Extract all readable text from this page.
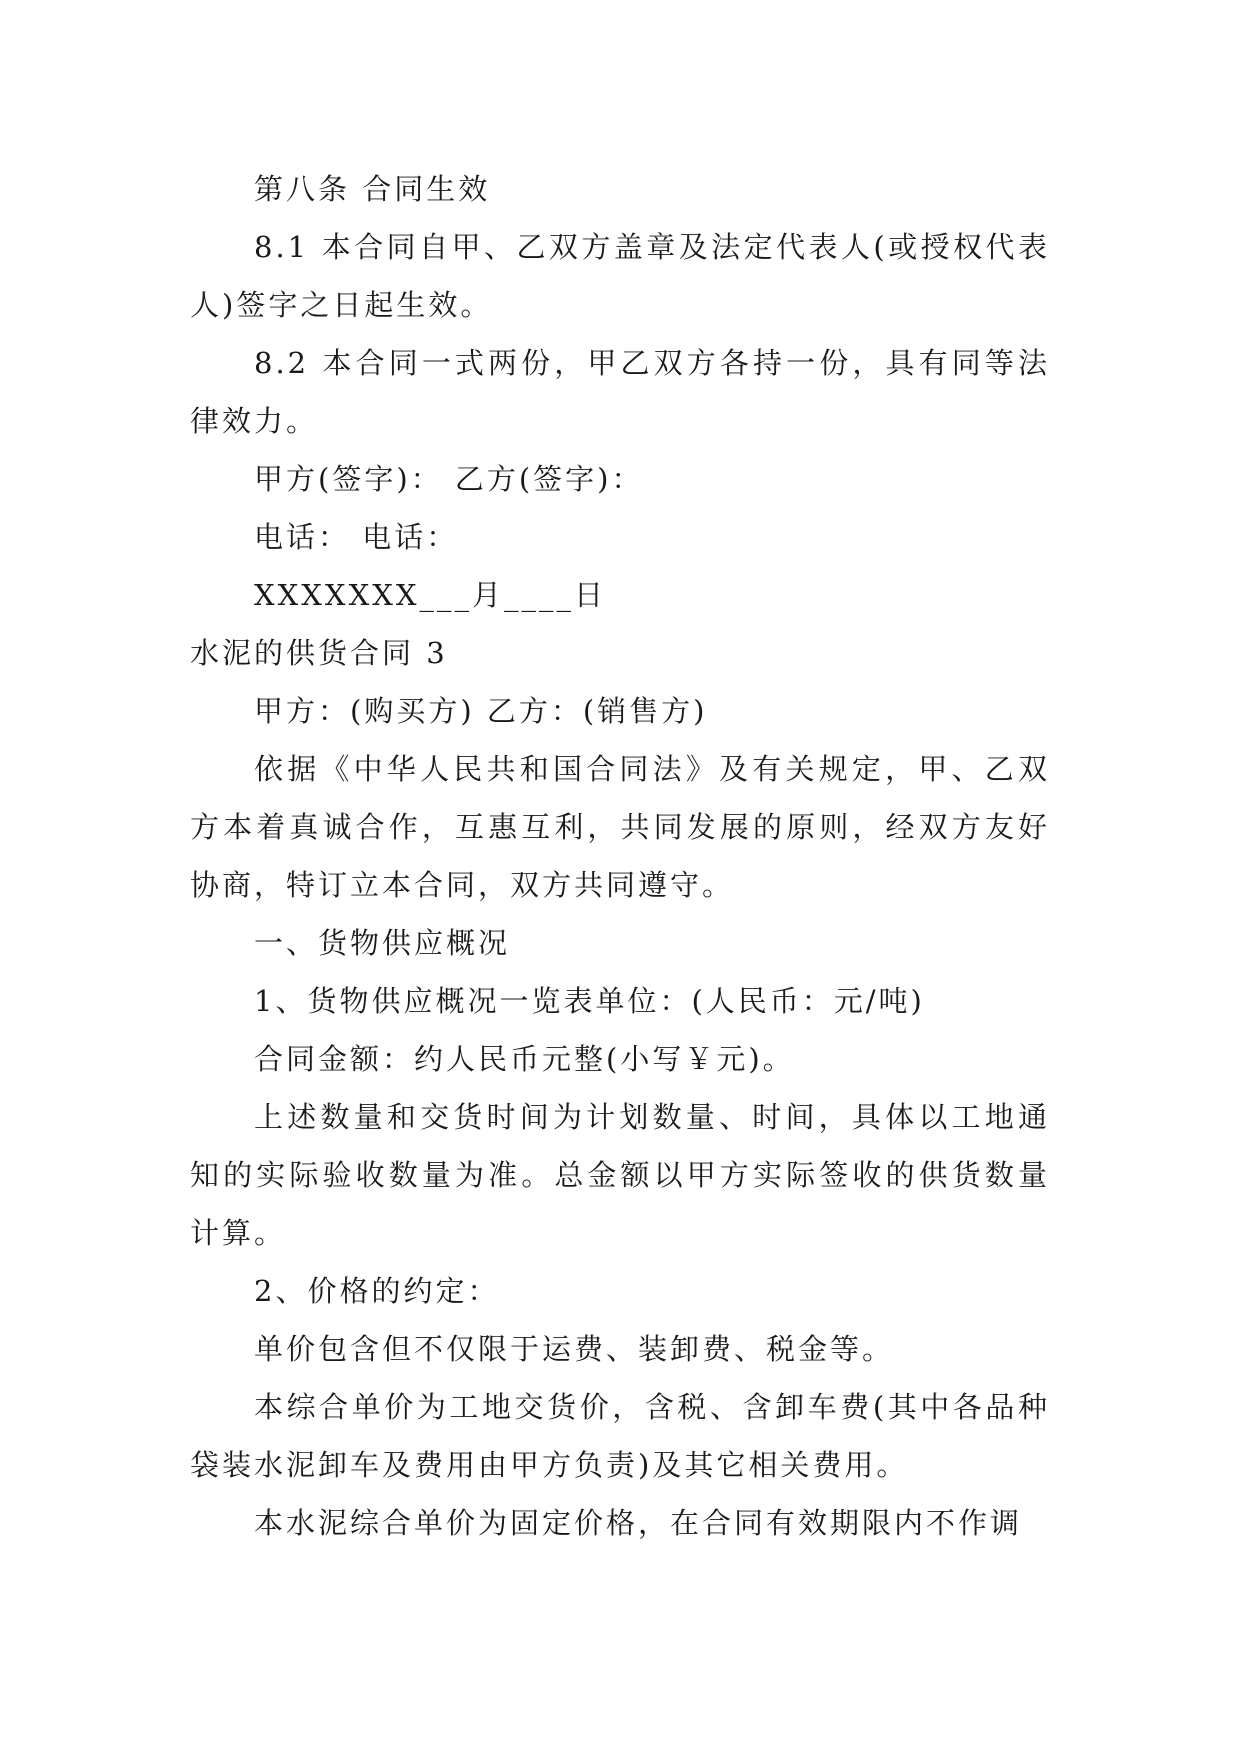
第八条 合同生效

8.1 本合同自甲、乙双方盖章及法定代表人(或授权代表人)签字之日起生效。

8.2 本合同一式两份，甲乙双方各持一份，具有同等法律效力。

甲方(签字)： 乙方(签字)：

电话： 电话：

XXXXXXX___月____日

水泥的供货合同 3

甲方：(购买方) 乙方：(销售方)

依据《中华人民共和国合同法》及有关规定，甲、乙双方本着真诚合作，互惠互利，共同发展的原则，经双方友好协商，特订立本合同，双方共同遵守。

一、货物供应概况

1、货物供应概况一览表单位：(人民币：元/吨)

合同金额：约人民币元整(小写￥元)。

上述数量和交货时间为计划数量、时间，具体以工地通知的实际验收数量为准。总金额以甲方实际签收的供货数量计算。

2、价格的约定：

单价包含但不仅限于运费、装卸费、税金等。

本综合单价为工地交货价，含税、含卸车费(其中各品种袋装水泥卸车及费用由甲方负责)及其它相关费用。

本水泥综合单价为固定价格，在合同有效期限内不作调
